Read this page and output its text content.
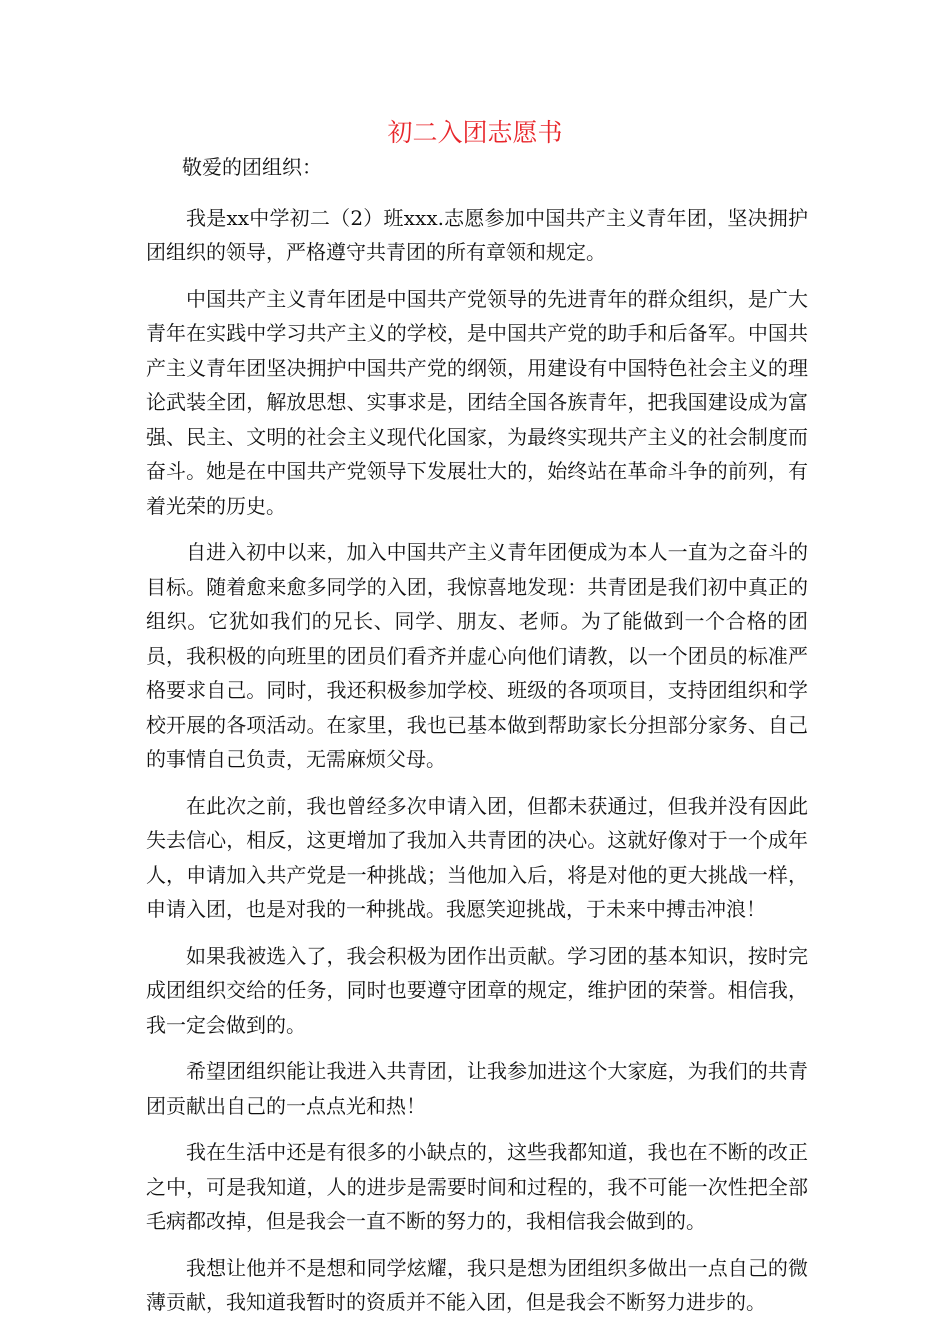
初二入团志愿书

敬爱的团组织：

我是xx中学初二（2）班xxx.志愿参加中国共产主义青年团，坚决拥护团组织的领导，严格遵守共青团的所有章领和规定。

中国共产主义青年团是中国共产党领导的先进青年的群众组织，是广大青年在实践中学习共产主义的学校，是中国共产党的助手和后备军。中国共产主义青年团坚决拥护中国共产党的纲领，用建设有中国特色社会主义的理论武装全团，解放思想、实事求是，团结全国各族青年，把我国建设成为富强、民主、文明的社会主义现代化国家，为最终实现共产主义的社会制度而奋斗。她是在中国共产党领导下发展壮大的，始终站在革命斗争的前列，有着光荣的历史。

自进入初中以来，加入中国共产主义青年团便成为本人一直为之奋斗的目标。随着愈来愈多同学的入团，我惊喜地发现：共青团是我们初中真正的组织。它犹如我们的兄长、同学、朋友、老师。为了能做到一个合格的团员，我积极的向班里的团员们看齐并虚心向他们请教，以一个团员的标准严格要求自己。同时，我还积极参加学校、班级的各项项目，支持团组织和学校开展的各项活动。在家里，我也已基本做到帮助家长分担部分家务、自己的事情自己负责，无需麻烦父母。

在此次之前，我也曾经多次申请入团，但都未获通过，但我并没有因此失去信心，相反，这更增加了我加入共青团的决心。这就好像对于一个成年人，申请加入共产党是一种挑战；当他加入后，将是对他的更大挑战一样，申请入团，也是对我的一种挑战。我愿笑迎挑战，于未来中搏击冲浪！

如果我被选入了，我会积极为团作出贡献。学习团的基本知识，按时完成团组织交给的任务，同时也要遵守团章的规定，维护团的荣誉。相信我，我一定会做到的。

希望团组织能让我进入共青团，让我参加进这个大家庭，为我们的共青团贡献出自己的一点点光和热！

我在生活中还是有很多的小缺点的，这些我都知道，我也在不断的改正之中，可是我知道，人的进步是需要时间和过程的，我不可能一次性把全部毛病都改掉，但是我会一直不断的努力的，我相信我会做到的。

我想让他并不是想和同学炫耀，我只是想为团组织多做出一点自己的微薄贡献，我知道我暂时的资质并不能入团，但是我会不断努力进步的。
